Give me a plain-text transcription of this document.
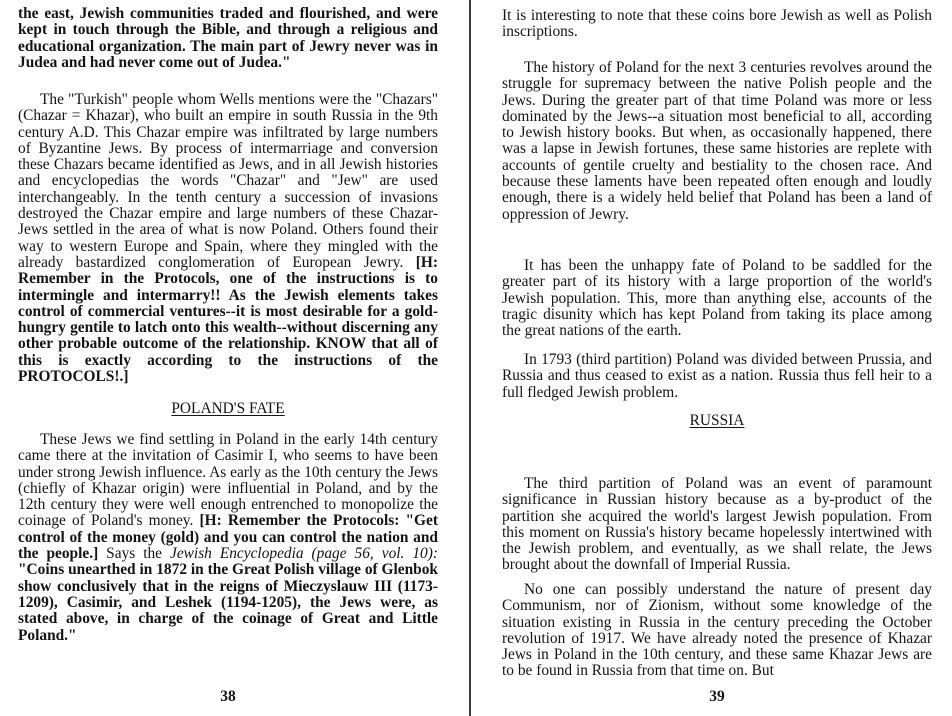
the east, Jewish communities traded and flourished, and were kept in touch through the Bible, and through a religious and educational organization. The main part of Jewry never was in Judea and had never come out of Judea."

The "Turkish" people whom Wells mentions were the "Chazars" (Chazar = Khazar), who built an empire in south Russia in the 9th century A.D. This Chazar empire was infiltrated by large numbers of Byzantine Jews. By process of intermarriage and conversion these Chazars became identified as Jews, and in all Jewish histories and encyclopedias the words "Chazar" and "Jew" are used interchangeably. In the tenth century a succession of invasions destroyed the Chazar empire and large numbers of these Chazar-Jews settled in the area of what is now Poland. Others found their way to western Europe and Spain, where they mingled with the already bastardized conglomeration of European Jewry. [H: Remember in the Protocols, one of the instructions is to intermingle and intermarry!! As the Jewish elements takes control of commercial ventures--it is most desirable for a gold-hungry gentile to latch onto this wealth--without discerning any other probable outcome of the relationship. KNOW that all of this is exactly according to the instructions of the PROTOCOLS!.]

POLAND'S FATE

These Jews we find settling in Poland in the early 14th century came there at the invitation of Casimir I, who seems to have been under strong Jewish influence. As early as the 10th century the Jews (chiefly of Khazar origin) were influential in Poland, and by the 12th century they were well enough entrenched to monopolize the coinage of Poland's money. [H: Remember the Protocols: "Get control of the money (gold) and you can control the nation and the people.] Says the Jewish Encyclopedia (page 56, vol. 10): "Coins unearthed in 1872 in the Great Polish village of Glenbok show conclusively that in the reigns of Mieczyslauw III (1173-1209), Casimir, and Leshek (1194-1205), the Jews were, as stated above, in charge of the coinage of Great and Little Poland."

38

It is interesting to note that these coins bore Jewish as well as Polish inscriptions.

The history of Poland for the next 3 centuries revolves around the struggle for supremacy between the native Polish people and the Jews. During the greater part of that time Poland was more or less dominated by the Jews--a situation most beneficial to all, according to Jewish history books. But when, as occasionally happened, there was a lapse in Jewish fortunes, these same histories are replete with accounts of gentile cruelty and bestiality to the chosen race. And because these laments have been repeated often enough and loudly enough, there is a widely held belief that Poland has been a land of oppression of Jewry.

It has been the unhappy fate of Poland to be saddled for the greater part of its history with a large proportion of the world's Jewish population. This, more than anything else, accounts of the tragic disunity which has kept Poland from taking its place among the great nations of the earth.

In 1793 (third partition) Poland was divided between Prussia, and Russia and thus ceased to exist as a nation. Russia thus fell heir to a full fledged Jewish problem.

RUSSIA

The third partition of Poland was an event of paramount significance in Russian history because as a by-product of the partition she acquired the world's largest Jewish population. From this moment on Russia's history became hopelessly intertwined with the Jewish problem, and eventually, as we shall relate, the Jews brought about the downfall of Imperial Russia.

No one can possibly understand the nature of present day Communism, nor of Zionism, without some knowledge of the situation existing in Russia in the century preceding the October revolution of 1917. We have already noted the presence of Khazar Jews in Poland in the 10th century, and these same Khazar Jews are to be found in Russia from that time on. But

39
